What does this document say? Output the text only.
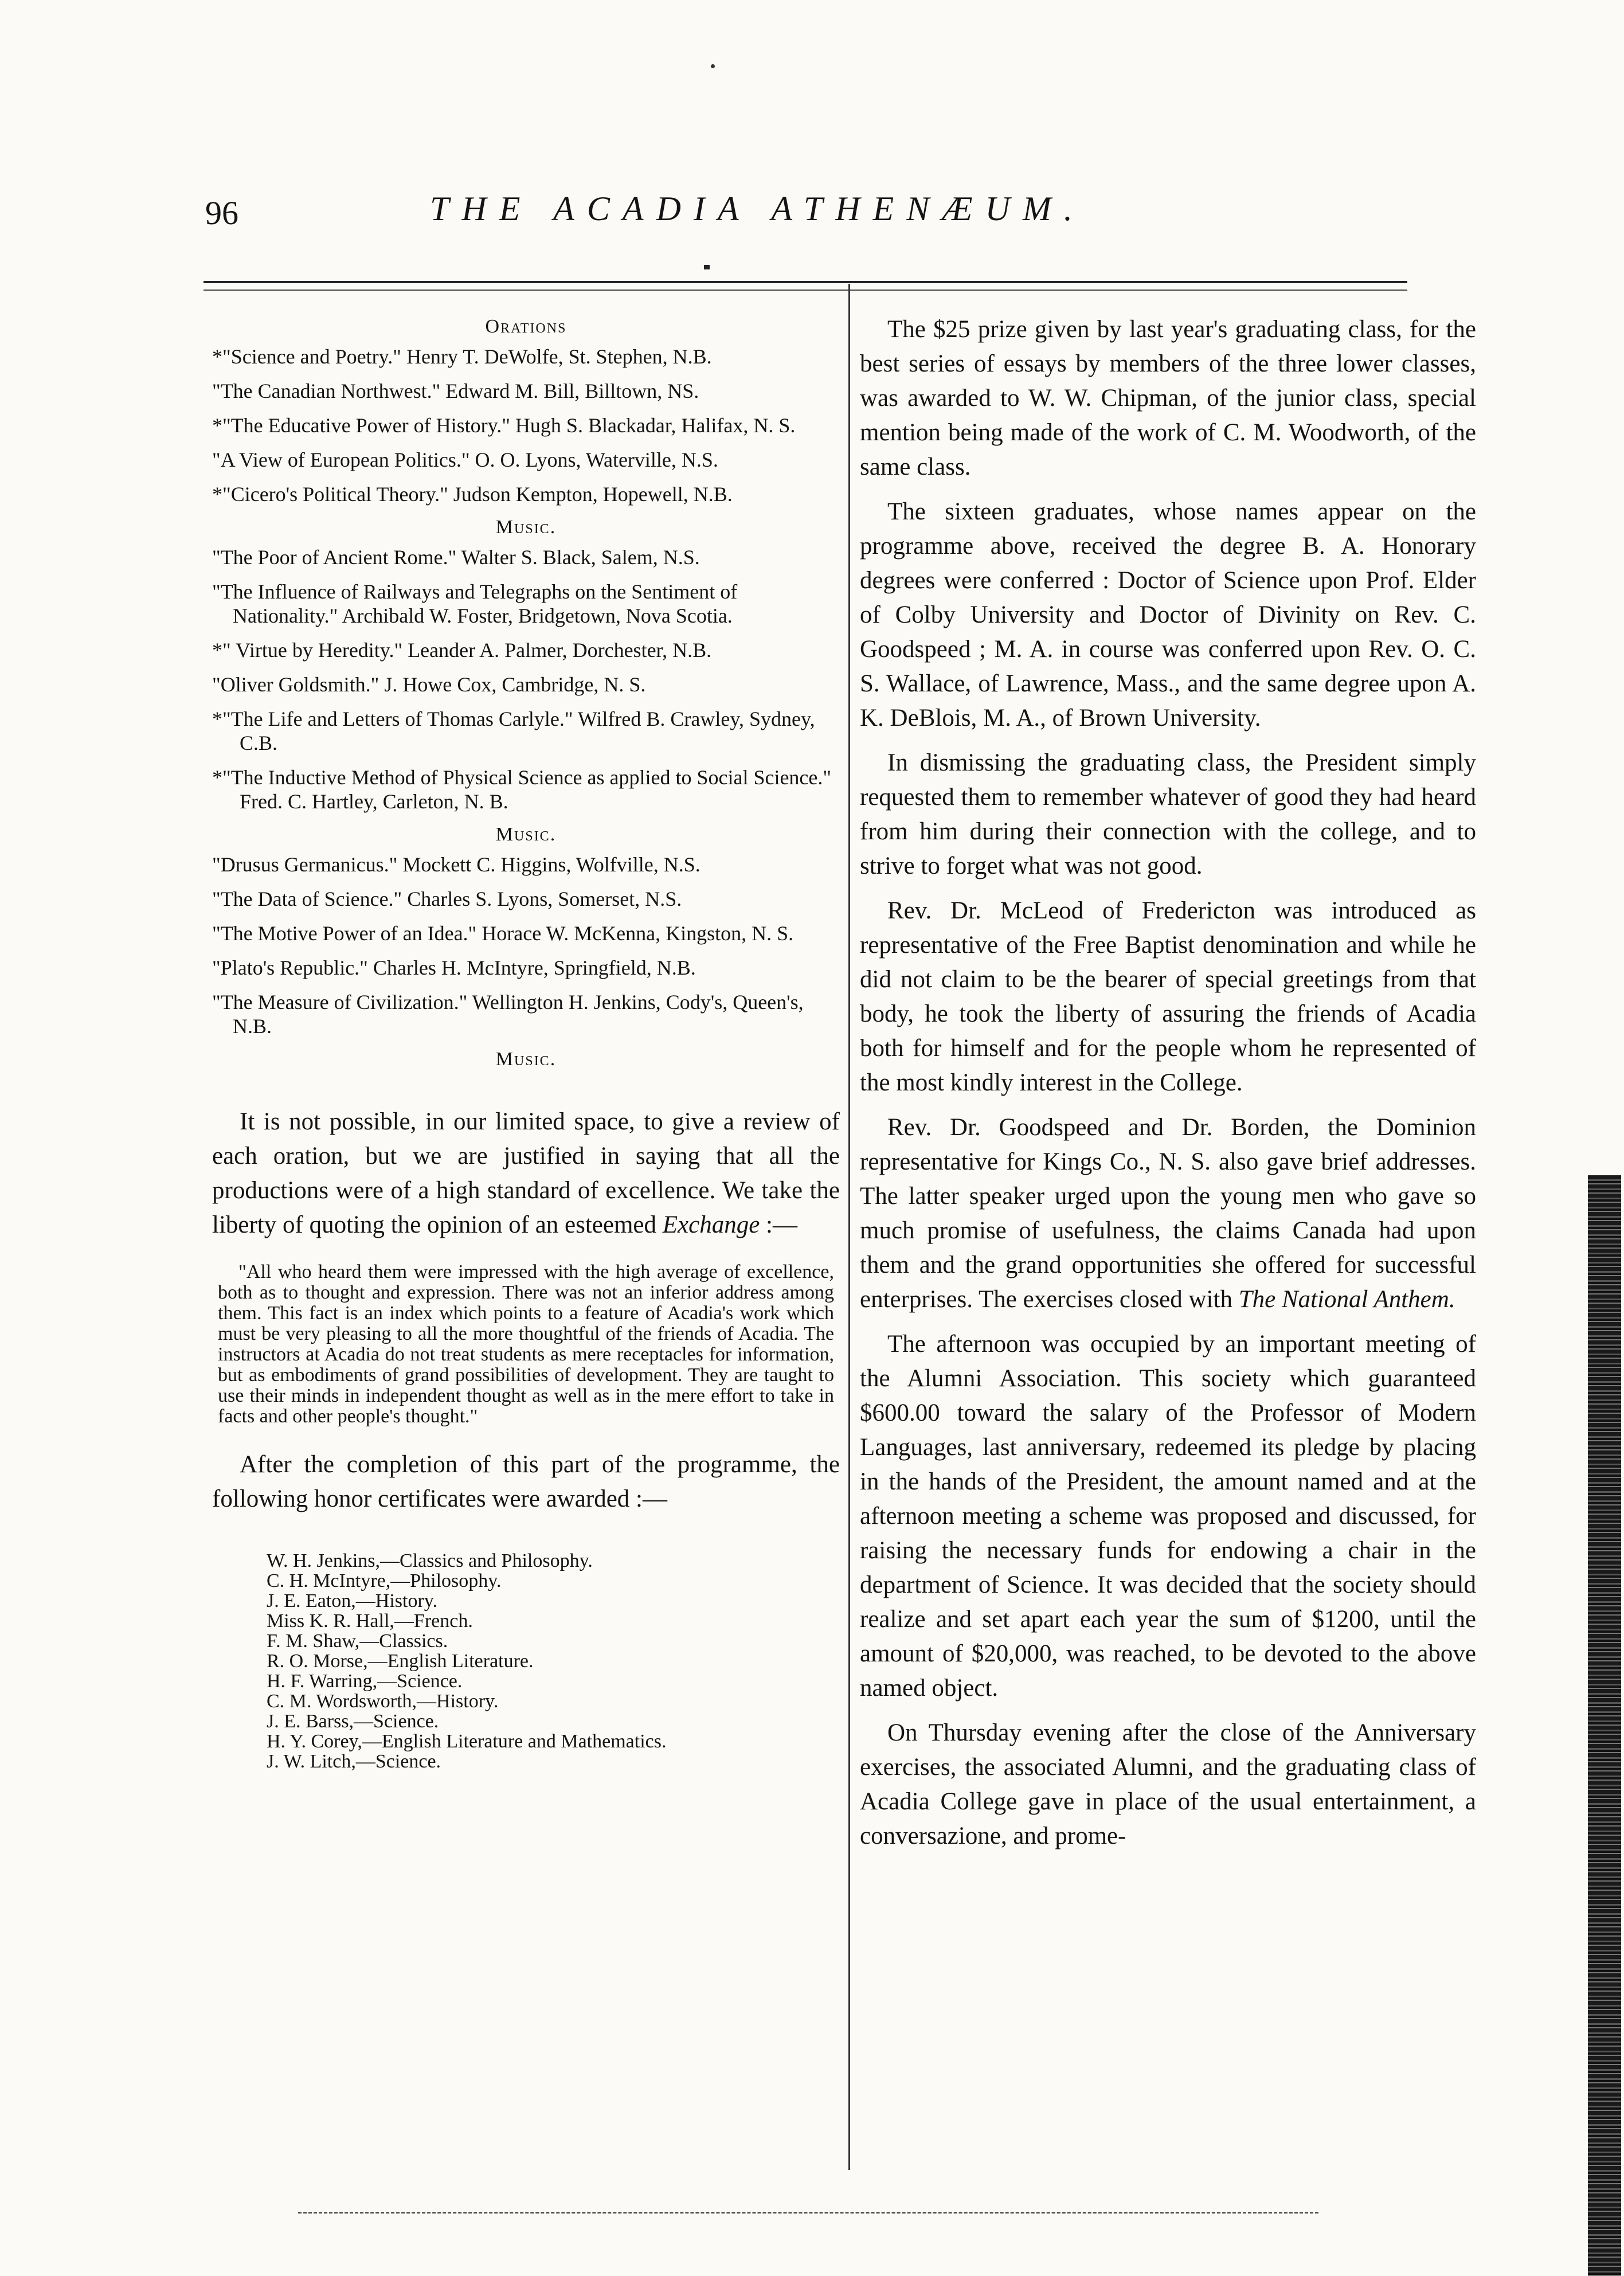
96	THE ACADIA ATHENÆUM.
Orations

*"Science and Poetry." Henry T. DeWolfe, St. Stephen, N.B.

"The Canadian Northwest." Edward M. Bill, Billtown, NS.

*"The Educative Power of History." Hugh S. Blackadar, Halifax, N. S.

"A View of European Politics." O. O. Lyons, Waterville, N.S.

*"Cicero's Political Theory." Judson Kempton, Hopewell, N.B.

Music.

"The Poor of Ancient Rome." Walter S. Black, Salem, N.S.

"The Influence of Railways and Telegraphs on the Sentiment of Nationality." Archibald W. Foster, Bridgetown, Nova Scotia.

*" Virtue by Heredity." Leander A. Palmer, Dorchester, N.B.

"Oliver Goldsmith." J. Howe Cox, Cambridge, N. S.

*"The Life and Letters of Thomas Carlyle." Wilfred B. Crawley, Sydney, C.B.

*"The Inductive Method of Physical Science as applied to Social Science." Fred. C. Hartley, Carleton, N. B.

Music.

"Drusus Germanicus." Mockett C. Higgins, Wolfville, N.S.

"The Data of Science." Charles S. Lyons, Somerset, N.S.

"The Motive Power of an Idea." Horace W. McKenna, Kingston, N. S.

"Plato's Republic." Charles H. McIntyre, Springfield, N.B.

"The Measure of Civilization." Wellington H. Jenkins, Cody's, Queen's, N.B.

Music.

It is not possible, in our limited space, to give a review of each oration, but we are justified in saying that all the productions were of a high standard of excellence. We take the liberty of quoting the opinion of an esteemed Exchange :—

"All who heard them were impressed with the high average of excellence, both as to thought and expression. There was not an inferior address among them. This fact is an index which points to a feature of Acadia's work which must be very pleasing to all the more thoughtful of the friends of Acadia. The instructors at Acadia do not treat students as mere receptacles for information, but as embodiments of grand possibilities of development. They are taught to use their minds in independent thought as well as in the mere effort to take in facts and other people's thought."

After the completion of this part of the programme, the following honor certificates were awarded :—

W. H. Jenkins,—Classics and Philosophy.

C. H. McIntyre,—Philosophy.

J. E. Eaton,—History.

Miss K. R. Hall,—French.

F. M. Shaw,—Classics.

R. O. Morse,—English Literature.

H. F. Warring,—Science.

C. M. Wordsworth,—History.

J. E. Barss,—Science.

H. Y. Corey,—English Literature and Mathematics.

J. W. Litch,—Science.

The $25 prize given by last year's graduating class, for the best series of essays by members of the three lower classes, was awarded to W. W. Chipman, of the junior class, special mention being made of the work of C. M. Woodworth, of the same class.

The sixteen graduates, whose names appear on the programme above, received the degree B. A. Honorary degrees were conferred : Doctor of Science upon Prof. Elder of Colby University and Doctor of Divinity on Rev. C. Goodspeed ; M. A. in course was conferred upon Rev. O. C. S. Wallace, of Lawrence, Mass., and the same degree upon A. K. DeBlois, M. A., of Brown University.

In dismissing the graduating class, the President simply requested them to remember whatever of good they had heard from him during their connection with the college, and to strive to forget what was not good.

Rev. Dr. McLeod of Fredericton was introduced as representative of the Free Baptist denomination and while he did not claim to be the bearer of special greetings from that body, he took the liberty of assuring the friends of Acadia both for himself and for the people whom he represented of the most kindly interest in the College.

Rev. Dr. Goodspeed and Dr. Borden, the Dominion representative for Kings Co., N. S. also gave brief addresses. The latter speaker urged upon the young men who gave so much promise of usefulness, the claims Canada had upon them and the grand opportunities she offered for successful enterprises. The exercises closed with The National Anthem.

The afternoon was occupied by an important meeting of the Alumni Association. This society which guaranteed $600.00 toward the salary of the Professor of Modern Languages, last anniversary, redeemed its pledge by placing in the hands of the President, the amount named and at the afternoon meeting a scheme was proposed and discussed, for raising the necessary funds for endowing a chair in the department of Science. It was decided that the society should realize and set apart each year the sum of $1200, until the amount of $20,000, was reached, to be devoted to the above named object.

On Thursday evening after the close of the Anniversary exercises, the associated Alumni, and the graduating class of Acadia College gave in place of the usual entertainment, a conversazione, and prome-
